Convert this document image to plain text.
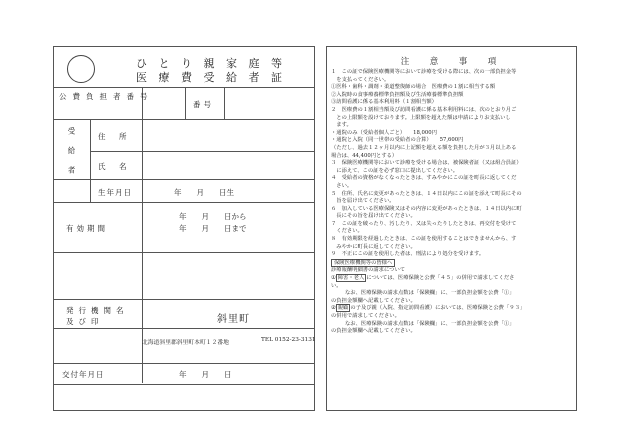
ひ と り 親 家 庭 等
医 療 費 受 給 者 証
公費負担者番号
番号
受給者	住　所
氏　名
生年月日
有効期間
発行機関名及び印
交付年月日
年　　月　　日生
年　　月　　日から
年　　月　　日まで
年　　月　　日
斜里町
北海道斜里郡斜里町本町１２番地	TEL 0152-23-3131
注　意　事　項

１　この証で保険医療機関等において診療を受ける際には、次の一部負担金等

　を支払ってください。

①医科・歯科・調剤・柔道整復師の場合　医療費の１割に相当する額

②入院時の食事療養標準負担額及び生活療養標準負担額

③訪問看護に係る基本利用料（１割相当額）

２　医療費の１割相当額及び訪問看護に係る基本利用料には、次のとおり月ご

　との上限額を設けております。上限額を超えた額は申請によりお支払いし

　ます。

・通院のみ（受給者個人ごと）　　18,000円

・通院と入院（同一世帯の受給者の合算）　　57,600円

（ただし、過去１２ヶ月以内に上記額を超える額を負担した月が３月以上ある

場合は、44,400円とする）

３　保険医療機関等において診療を受ける場合は、被保険者証（又は組合員証）

　に添えて、この証を必ず窓口に提出してください。

４　受給者の資格がなくなったときは、すみやかにこの証を町長に返してくだ

　さい。

５　住所、氏名に変更があったときは、１４日以内にこの証を添えて町長にその

　旨を届け出てください。

６　加入している医療保険又はその内容に変更があったときは、１４日以内に町

　長にその旨を届け出てください。

７　この証を破ったり、汚したり、又は失ったりしたときは、再交付を受けて

　ください。

８　有効期限を経過したときは、この証を使用することはできませんから、す

　みやかに町長に返してください。

９　不正にこの証を使用した者は、刑法により処分を受けます。

保険医療機関等の皆様へ

診療報酬明細書の請求について

① 障害・老人 については、医療保険と公費「４５」の併用で請求してくださ

い。

なお、医療保険の請求点数は「保険欄」に、一部負担金額を公費「①」

の負担金額欄へ記載してください。

② 親顧 の子及び親（入院、指定訪問看護）においては、医療保険と公費「９３」

の併用で請求してください。

なお、医療保険の請求点数は「保険欄」に、一部負担金額を公費「①」

の負担金額欄へ記載してください。
